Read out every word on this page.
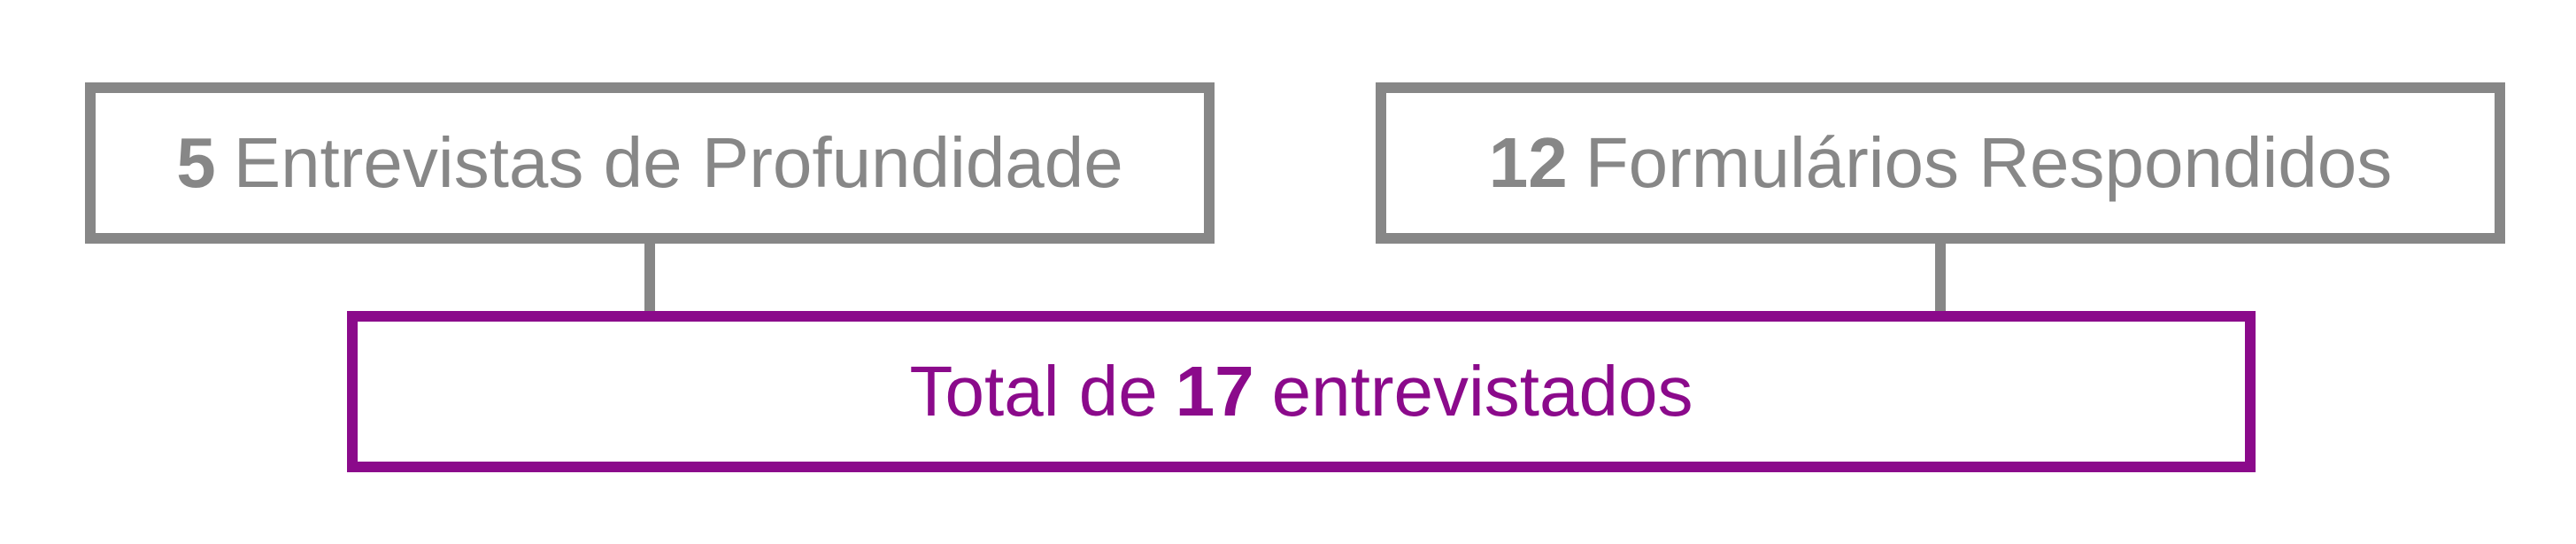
5 Entrevistas de Profundidade	12 Formulários Respondidos
Total de 17 entrevistados
